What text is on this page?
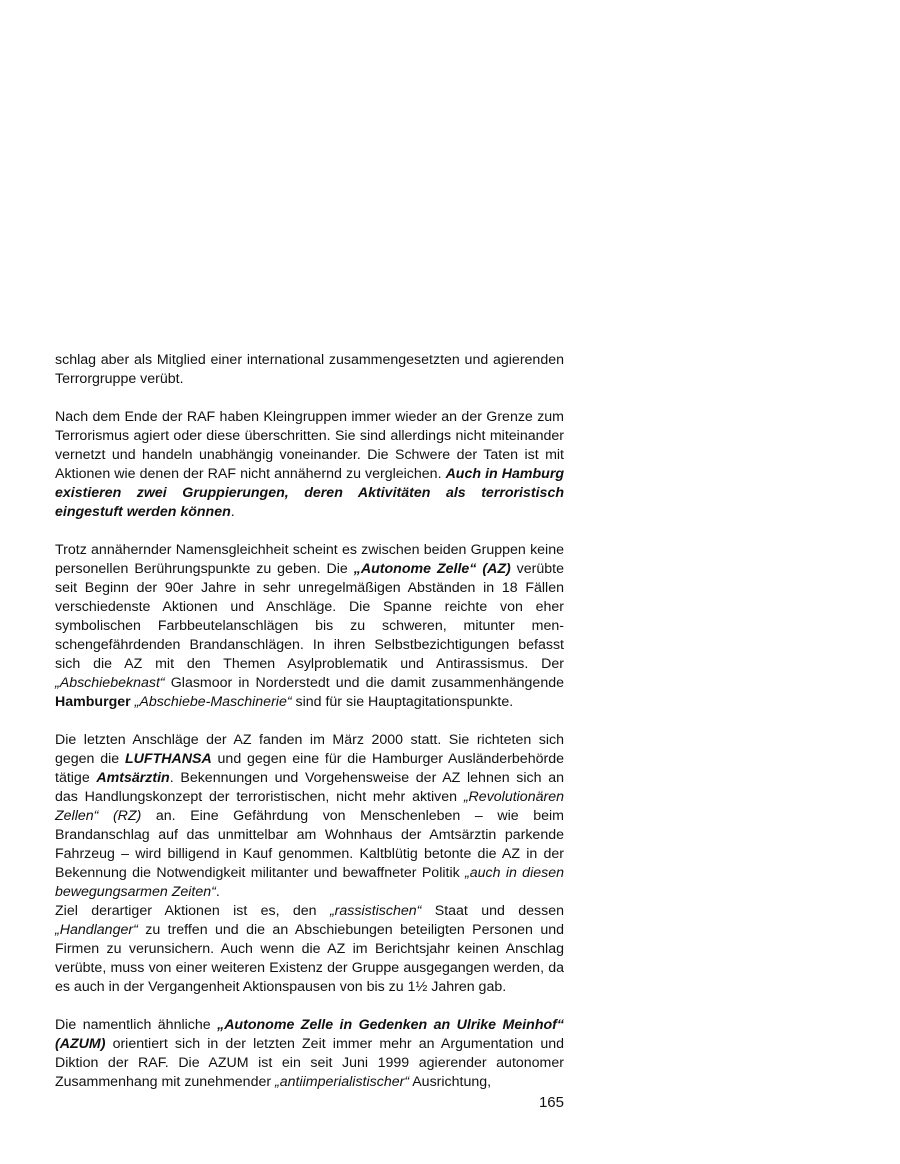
schlag aber als Mitglied einer international zusammengesetzten und agierenden Terrorgruppe verübt.

Nach dem Ende der RAF haben Kleingruppen immer wieder an der Grenze zum Terrorismus agiert oder diese überschritten. Sie sind allerdings nicht miteinander vernetzt und handeln unabhängig voneinander. Die Schwere der Taten ist mit Aktionen wie denen der RAF nicht annähernd zu vergleichen. Auch in Hamburg existieren zwei Gruppierungen, deren Aktivitäten als terroristisch eingestuft werden können.

Trotz annähernder Namensgleichheit scheint es zwischen beiden Gruppen keine personellen Berührungspunkte zu geben. Die „Autonome Zelle“ (AZ) verübte seit Beginn der 90er Jahre in sehr unregelmäßigen Abständen in 18 Fällen verschiedenste Aktionen und Anschläge. Die Spanne reichte von eher symbolischen Farbbeutelanschlägen bis zu schweren, mitunter menschengefährdenden Brandanschlägen. In ihren Selbstbezichtigungen befasst sich die AZ mit den Themen Asylproblematik und Antirassismus. Der „Abschiebeknast“ Glasmoor in Norderstedt und die damit zusammenhängende Hamburger „Abschiebe-Maschinerie“ sind für sie Hauptagitationspunkte.

Die letzten Anschläge der AZ fanden im März 2000 statt. Sie richteten sich gegen die LUFTHANSA und gegen eine für die Hamburger Ausländerbehörde tätige Amtsärztin. Bekennungen und Vorgehensweise der AZ lehnen sich an das Handlungskonzept der terroristischen, nicht mehr aktiven „Revolutionären Zellen“ (RZ) an. Eine Gefährdung von Menschenleben – wie beim Brandanschlag auf das unmittelbar am Wohnhaus der Amtsärztin parkende Fahrzeug – wird billigend in Kauf genommen. Kaltblütig betonte die AZ in der Bekennung die Notwendigkeit militanter und bewaffneter Politik „auch in diesen bewegungsarmen Zeiten“.

Ziel derartiger Aktionen ist es, den „rassistischen“ Staat und dessen „Handlanger“ zu treffen und die an Abschiebungen beteiligten Personen und Firmen zu verunsichern. Auch wenn die AZ im Berichtsjahr keinen Anschlag verübte, muss von einer weiteren Existenz der Gruppe ausgegangen werden, da es auch in der Vergangenheit Aktionspausen von bis zu 1½ Jahren gab.

Die namentlich ähnliche „Autonome Zelle in Gedenken an Ulrike Meinhof“ (AZUM) orientiert sich in der letzten Zeit immer mehr an Argumentation und Diktion der RAF. Die AZUM ist ein seit Juni 1999 agierender autonomer Zusammenhang mit zunehmender „antiimperialistischer“ Ausrichtung,

165
